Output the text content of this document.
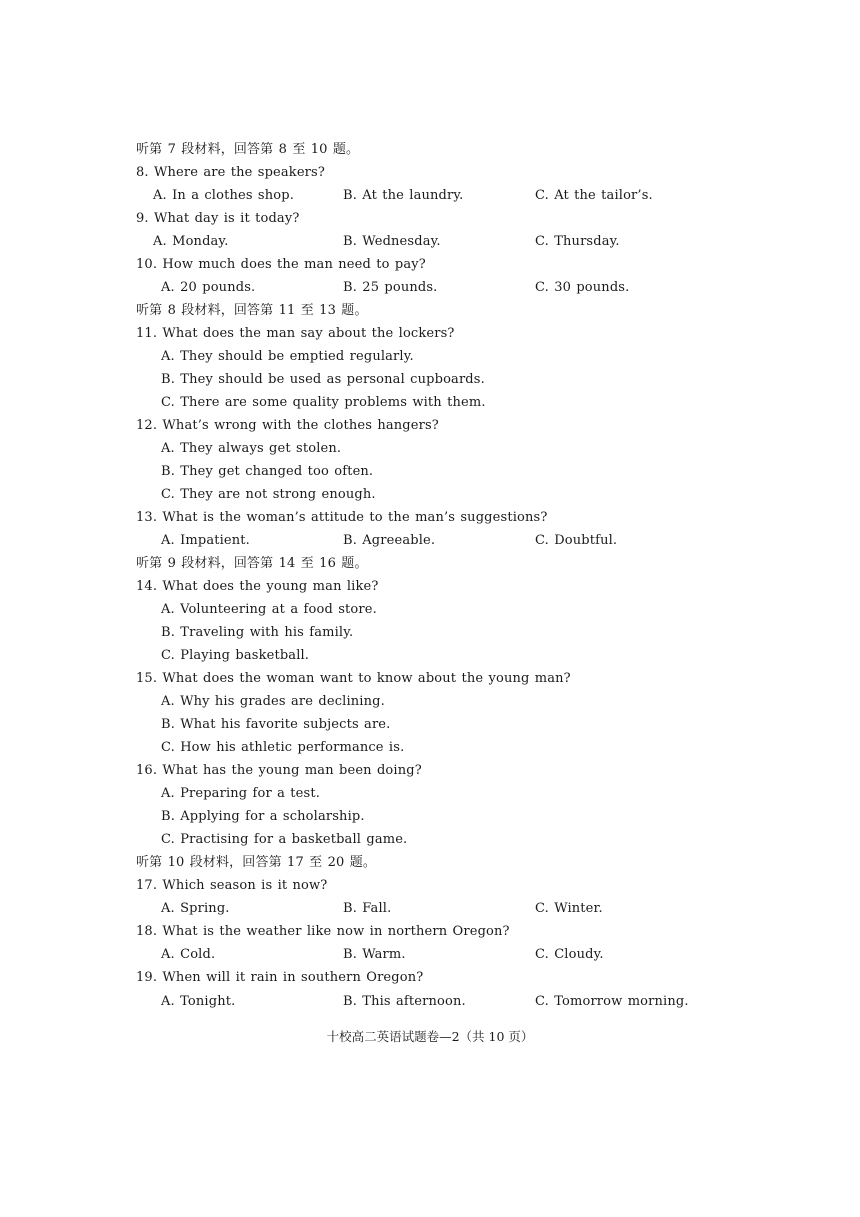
听第 7 段材料，回答第 8 至 10 题。
8. Where are the speakers?
A. In a clothes shop.	B. At the laundry.	C. At the tailor’s.
9. What day is it today?
A. Monday.	B. Wednesday.	C. Thursday.
10. How much does the man need to pay?
A. 20 pounds.	B. 25 pounds.	C. 30 pounds.
听第 8 段材料，回答第 11 至 13 题。
11. What does the man say about the lockers?
A. They should be emptied regularly.
B. They should be used as personal cupboards.
C. There are some quality problems with them.
12. What’s wrong with the clothes hangers?
A. They always get stolen.
B. They get changed too often.
C. They are not strong enough.
13. What is the woman’s attitude to the man’s suggestions?
A. Impatient.	B. Agreeable.	C. Doubtful.
听第 9 段材料，回答第 14 至 16 题。
14. What does the young man like?
A. Volunteering at a food store.
B. Traveling with his family.
C. Playing basketball.
15. What does the woman want to know about the young man?
A. Why his grades are declining.
B. What his favorite subjects are.
C. How his athletic performance is.
16. What has the young man been doing?
A. Preparing for a test.
B. Applying for a scholarship.
C. Practising for a basketball game.
听第 10 段材料，回答第 17 至 20 题。
17. Which season is it now?
A. Spring.	B. Fall.	C. Winter.
18. What is the weather like now in northern Oregon?
A. Cold.	B. Warm.	C. Cloudy.
19. When will it rain in southern Oregon?
A. Tonight.	B. This afternoon.	C. Tomorrow morning.
十校高二英语试题卷—2（共 10 页）
